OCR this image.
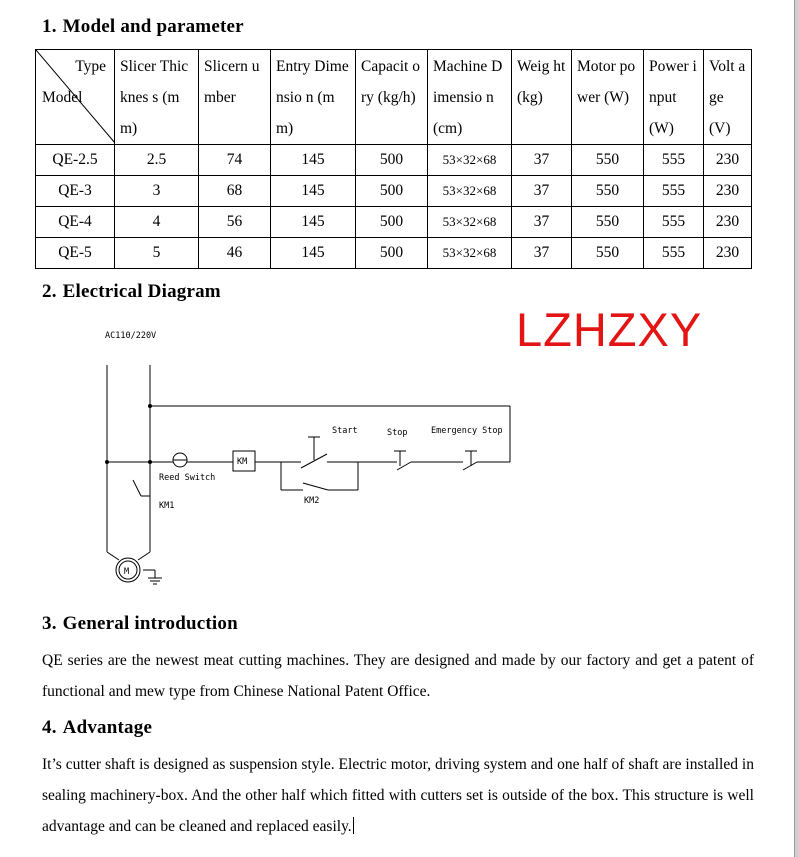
1. Model and parameter
Type
Model	Slicer Thicknes s (mm)	Slicern umber	Entry Dimensio n (mm)	Capacit ory (kg/h)	Machine Dimensio n (cm)	Weig ht (kg)	Motor power (W)	Power input (W)	Volt age (V)
QE-2.5	2.5	74	145	500	53×32×68	37	550	555	230
QE-3	3	68	145	500	53×32×68	37	550	555	230
QE-4	4	56	145	500	53×32×68	37	550	555	230
QE-5	5	46	145	500	53×32×68	37	550	555	230
2. Electrical Diagram

LZHZXY

AC110/220V
Reed Switch
KM
KM1	KM2
Start	Stop	Emergency Stop
M
3. General introduction

QE series are the newest meat cutting machines. They are designed and made by our factory and get a patent of functional and mew type from Chinese National Patent Office.

4. Advantage

It’s cutter shaft is designed as suspension style. Electric motor, driving system and one half of shaft are installed in sealing machinery-box. And the other half which fitted with cutters set is outside of the box. This structure is well advantage and can be cleaned and replaced easily.
